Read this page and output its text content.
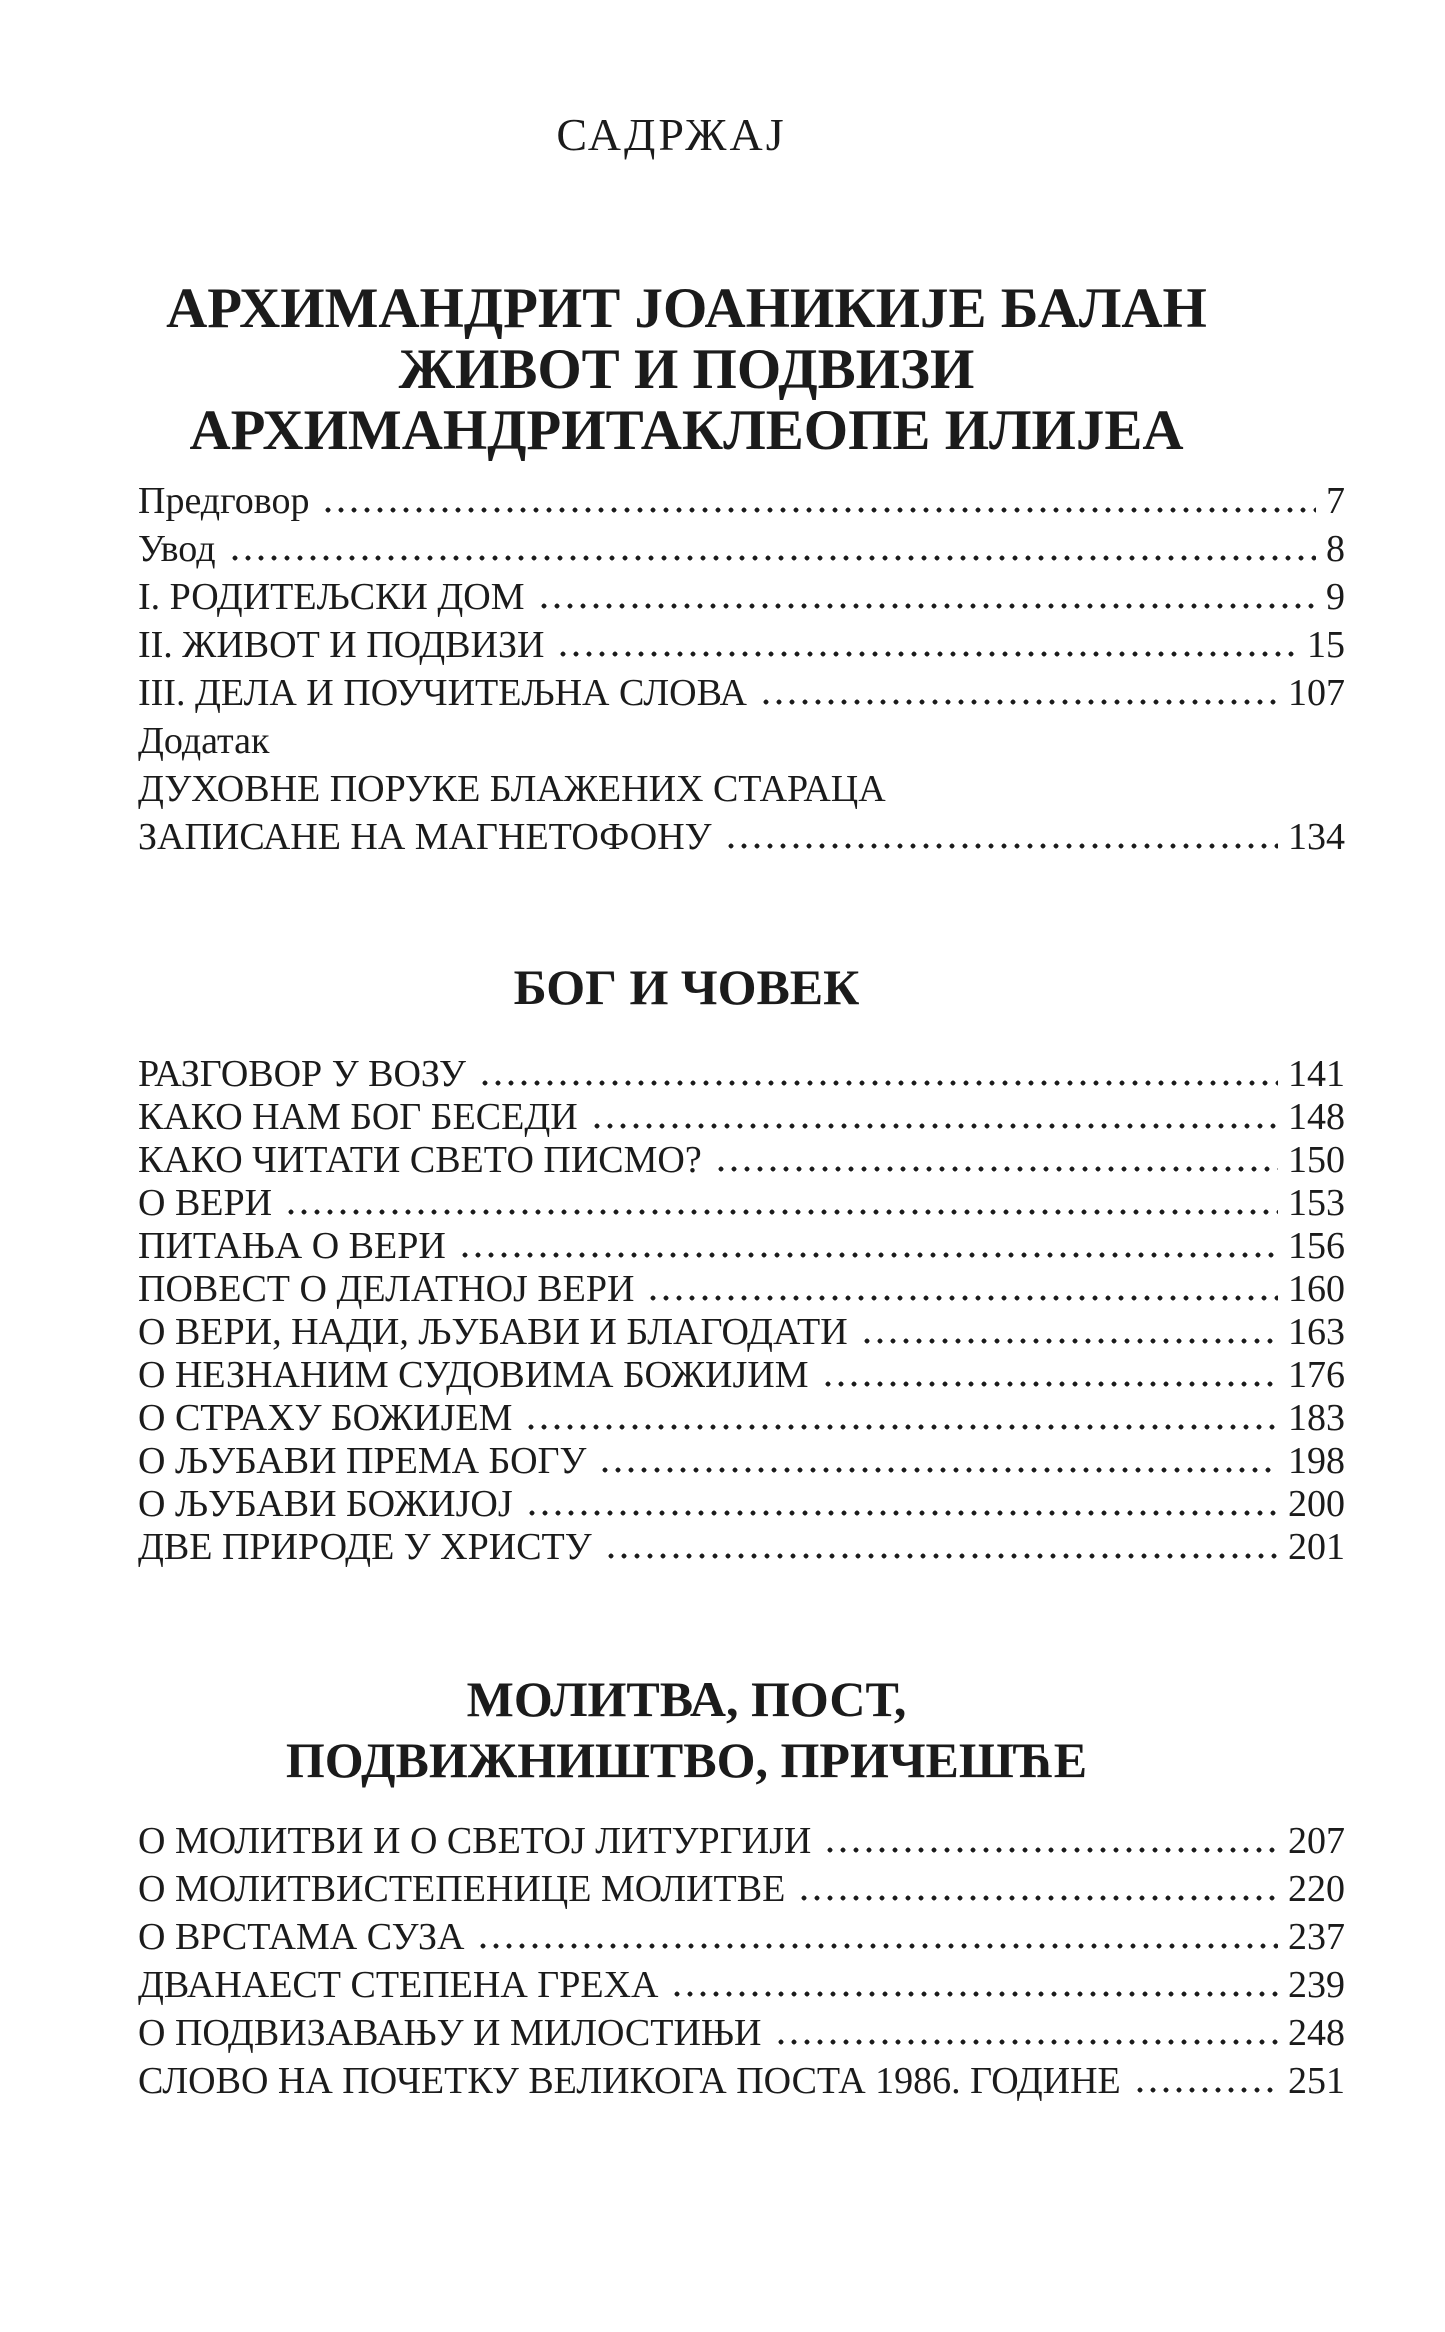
САДРЖАЈ
АРХИМАНДРИТ ЈОАНИКИЈЕ БАЛАН
ЖИВОТ И ПОДВИЗИ
АРХИМАНДРИТАКЛЕОПЕ ИЛИЈЕА
Предговор	7
Увод	8
I. РОДИТЕЉСКИ ДОМ	9
II. ЖИВОТ И ПОДВИЗИ	15
III. ДЕЛА И ПОУЧИТЕЉНА СЛОВА	107
Додатак
ДУХОВНЕ ПОРУКЕ БЛАЖЕНИХ СТАРАЦА
ЗАПИСАНЕ НА МАГНЕТОФОНУ	134
БОГ И ЧОВЕК
РАЗГОВОР У ВОЗУ	141
КАКО НАМ БОГ БЕСЕДИ	148
КАКО ЧИТАТИ СВЕТО ПИСМО?	150
О ВЕРИ	153
ПИТАЊА О ВЕРИ	156
ПОВЕСТ О ДЕЛАТНОЈ ВЕРИ	160
О ВЕРИ, НАДИ, ЉУБАВИ И БЛАГОДАТИ	163
О НЕЗНАНИМ СУДОВИМА БОЖИЈИМ	176
О СТРАХУ БОЖИЈЕМ	183
О ЉУБАВИ ПРЕМА БОГУ	198
О ЉУБАВИ БОЖИЈОЈ	200
ДВЕ ПРИРОДЕ У ХРИСТУ	201
МОЛИТВА, ПОСТ,
ПОДВИЖНИШТВО, ПРИЧЕШЋЕ
О МОЛИТВИ И О СВЕТОЈ ЛИТУРГИЈИ	207
О МОЛИТВИСТЕПЕНИЦЕ МОЛИТВЕ	220
О ВРСТАМА СУЗА	237
ДВАНАЕСТ СТЕПЕНА ГРЕХА	239
О ПОДВИЗАВАЊУ И МИЛОСТИЊИ	248
СЛОВО НА ПОЧЕТКУ ВЕЛИКОГА ПОСТА 1986. ГОДИНЕ	251
